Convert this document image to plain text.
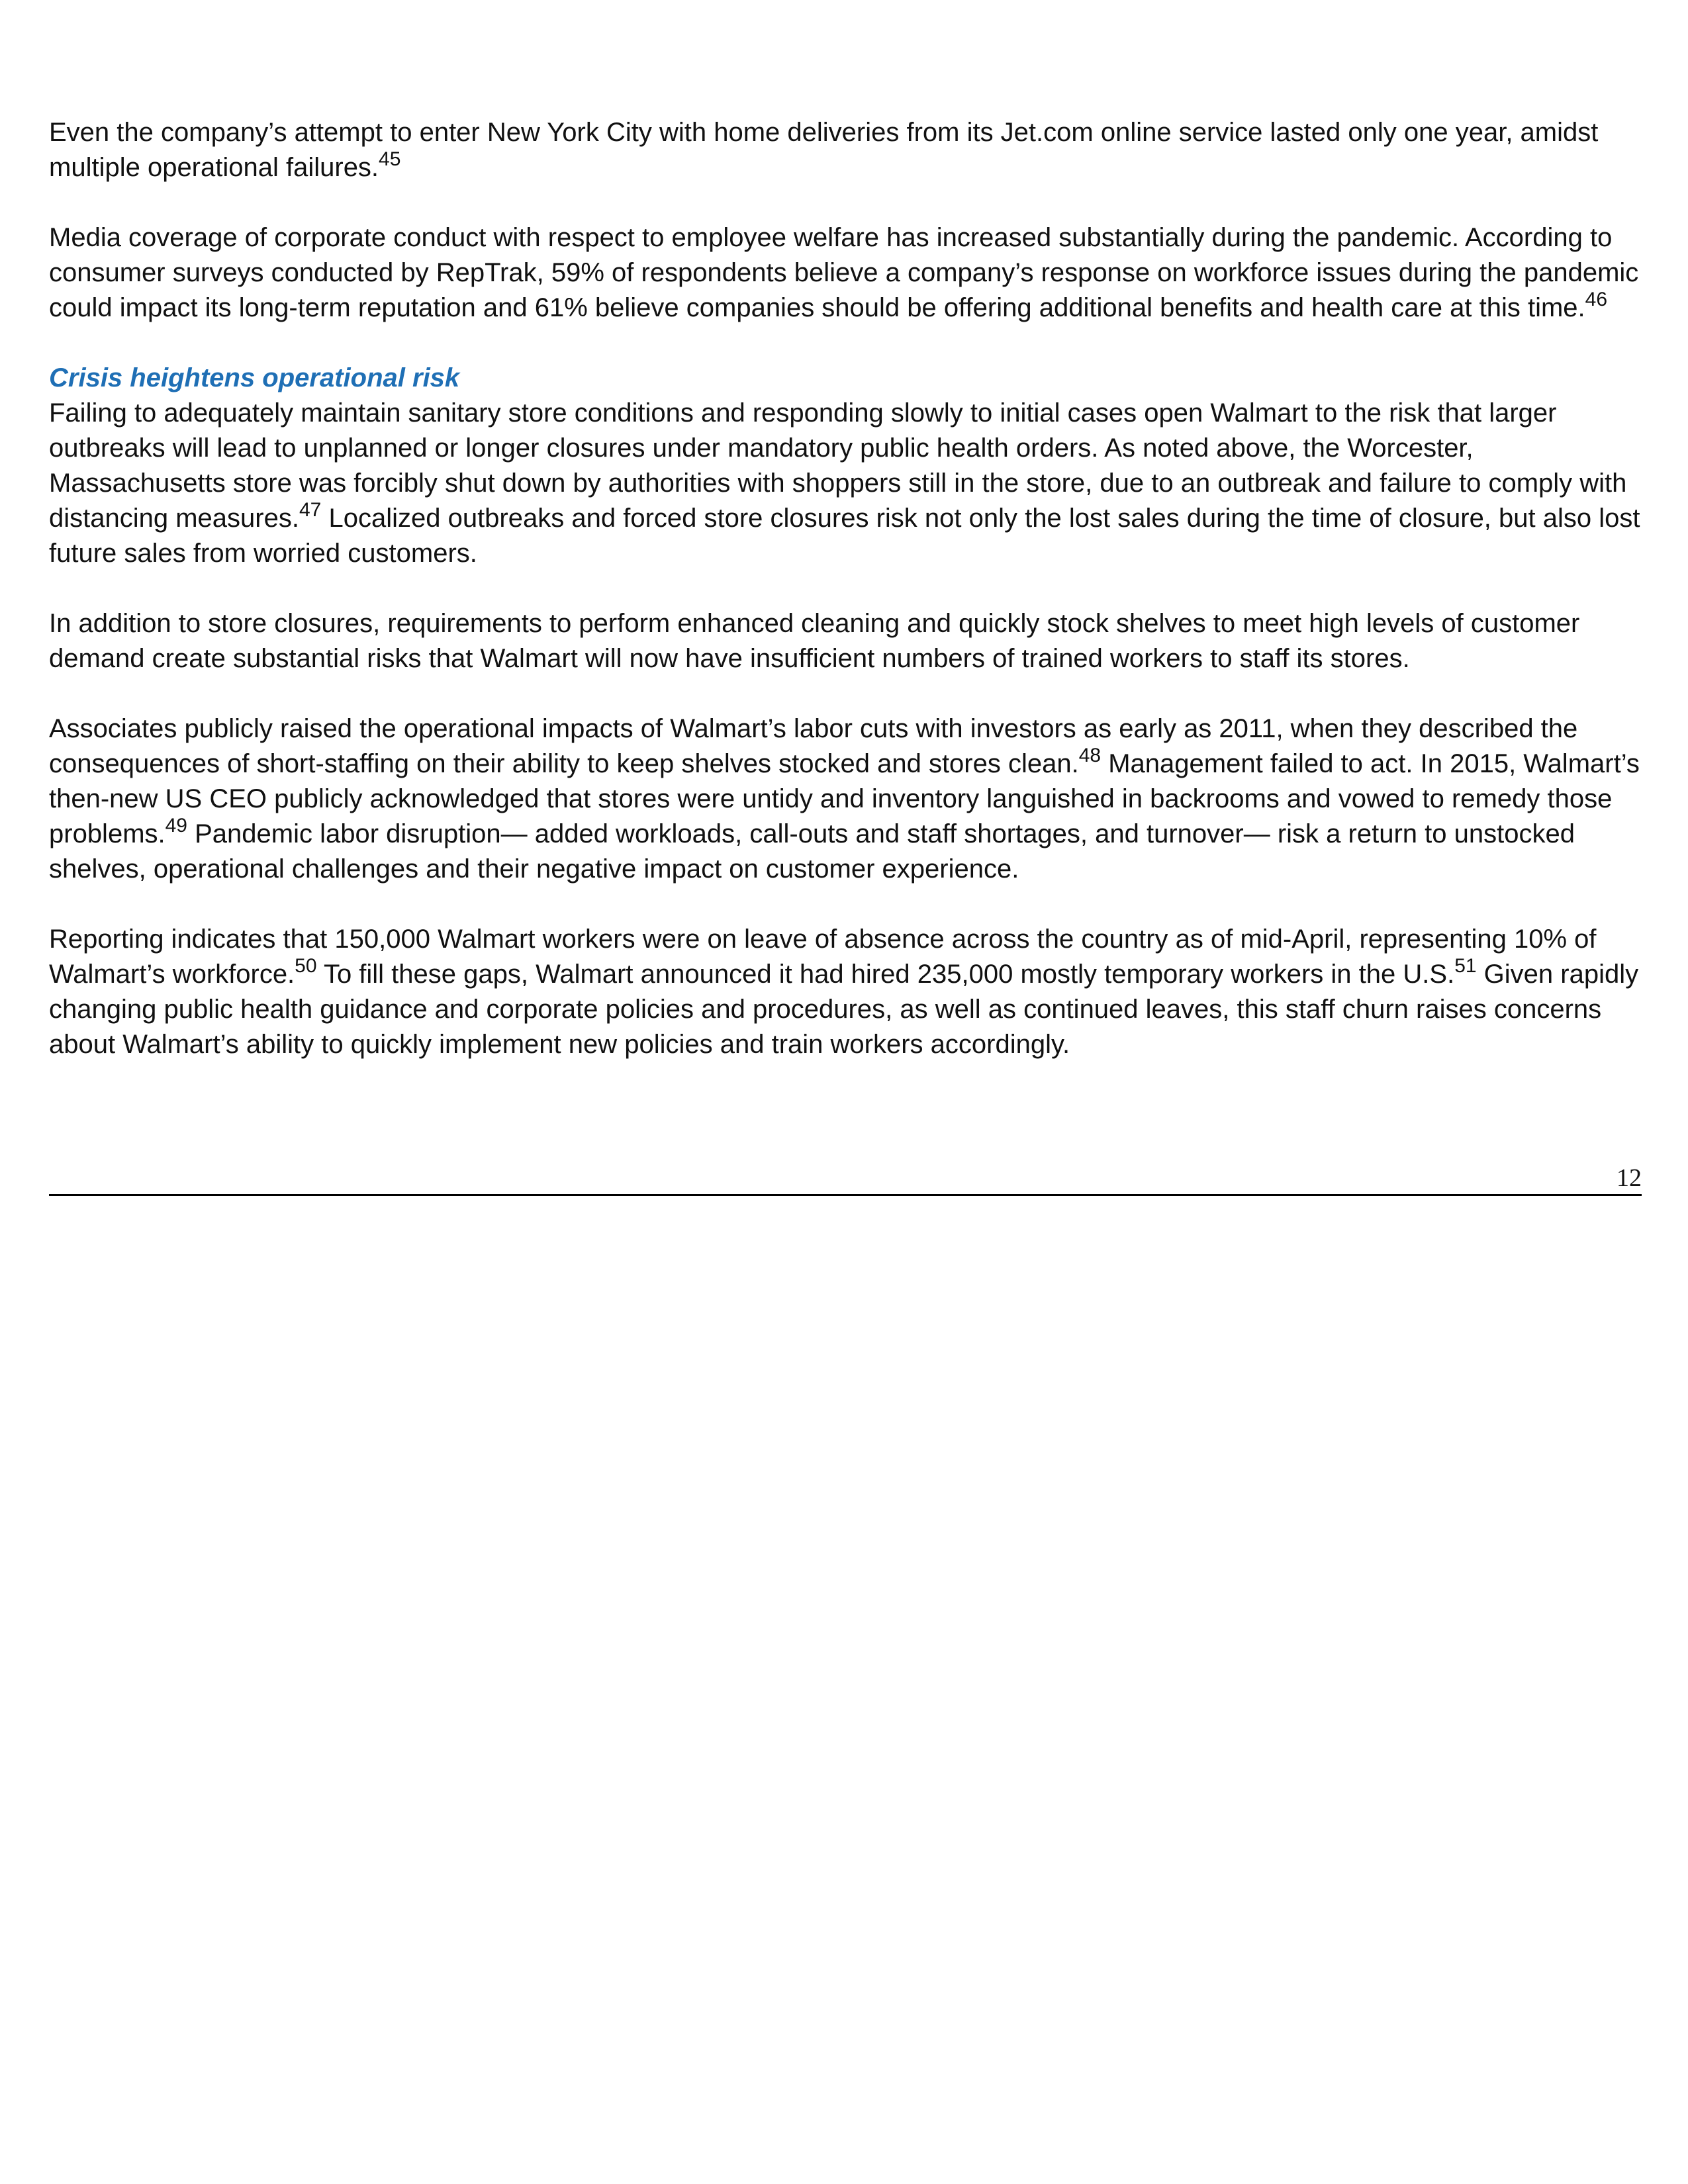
Even the company’s attempt to enter New York City with home deliveries from its Jet.com online service lasted only one year, amidst multiple operational failures.$^{45}$

Media coverage of corporate conduct with respect to employee welfare has increased substantially during the pandemic. According to consumer surveys conducted by RepTrak, 59% of respondents believe a company’s response on workforce issues during the pandemic could impact its long-term reputation and 61% believe companies should be offering additional benefits and health care at this time.$^{46}$

Crisis heightens operational risk

Failing to adequately maintain sanitary store conditions and responding slowly to initial cases open Walmart to the risk that larger outbreaks will lead to unplanned or longer closures under mandatory public health orders. As noted above, the Worcester, Massachusetts store was forcibly shut down by authorities with shoppers still in the store, due to an outbreak and failure to comply with distancing measures.$^{47}$ Localized outbreaks and forced store closures risk not only the lost sales during the time of closure, but also lost future sales from worried customers.

In addition to store closures, requirements to perform enhanced cleaning and quickly stock shelves to meet high levels of customer demand create substantial risks that Walmart will now have insufficient numbers of trained workers to staff its stores.

Associates publicly raised the operational impacts of Walmart’s labor cuts with investors as early as 2011, when they described the consequences of short-staffing on their ability to keep shelves stocked and stores clean.$^{48}$ Management failed to act. In 2015, Walmart’s then-new US CEO publicly acknowledged that stores were untidy and inventory languished in backrooms and vowed to remedy those problems.$^{49}$ Pandemic labor disruption— added workloads, call-outs and staff shortages, and turnover— risk a return to unstocked shelves, operational challenges and their negative impact on customer experience.

Reporting indicates that 150,000 Walmart workers were on leave of absence across the country as of mid-April, representing 10% of Walmart’s workforce.$^{50}$ To fill these gaps, Walmart announced it had hired 235,000 mostly temporary workers in the U.S.$^{51}$ Given rapidly changing public health guidance and corporate policies and procedures, as well as continued leaves, this staff churn raises concerns about Walmart’s ability to quickly implement new policies and train workers accordingly.

12
